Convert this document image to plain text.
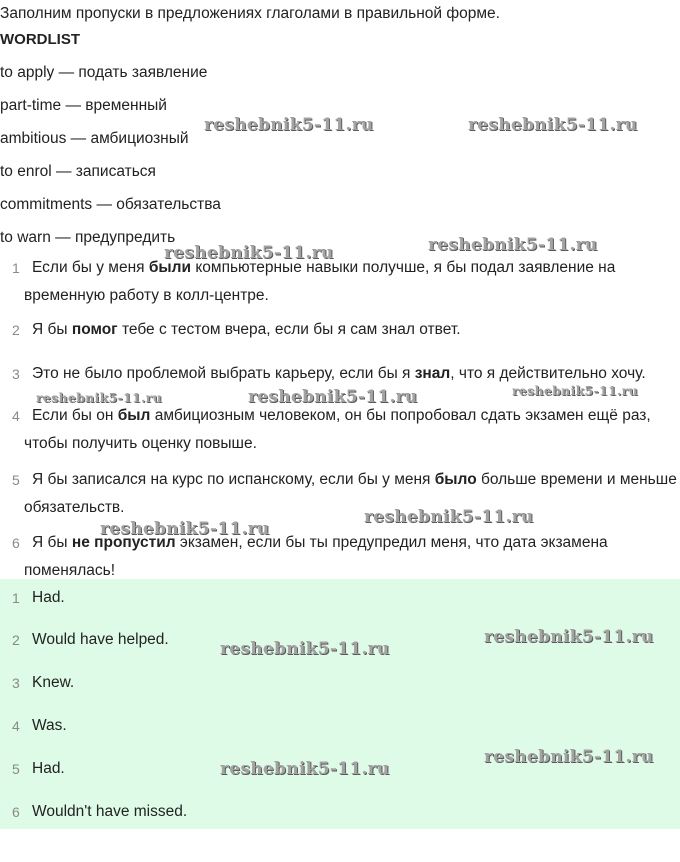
Заполним пропуски в предложениях глаголами в правильной форме.
WORDLIST
to apply — подать заявление
part-time — временный
ambitious — амбициозный
to enrol — записаться
commitments — обязательства
to warn — предупредить
1 Если бы у меня были компьютерные навыки получше, я бы подал заявление на временную работу в колл-центре.
2 Я бы помог тебе с тестом вчера, если бы я сам знал ответ.
3 Это не было проблемой выбрать карьеру, если бы я знал, что я действительно хочу.
4 Если бы он был амбициозным человеком, он бы попробовал сдать экзамен ещё раз, чтобы получить оценку повыше.
5 Я бы записался на курс по испанскому, если бы у меня было больше времени и меньше обязательств.
6 Я бы не пропустил экзамен, если бы ты предупредил меня, что дата экзамена поменялась!
1 Had.
2 Would have helped.
3 Knew.
4 Was.
5 Had.
6 Wouldn't have missed.
reshebnik5-11.ru	reshebnik5-11.ru
reshebnik5-11.ru	reshebnik5-11.ru
reshebnik5-11.ru	reshebnik5-11.ru	reshebnik5-11.ru
reshebnik5-11.ru
reshebnik5-11.ru
reshebnik5-11.ru
reshebnik5-11.ru
reshebnik5-11.ru
reshebnik5-11.ru
